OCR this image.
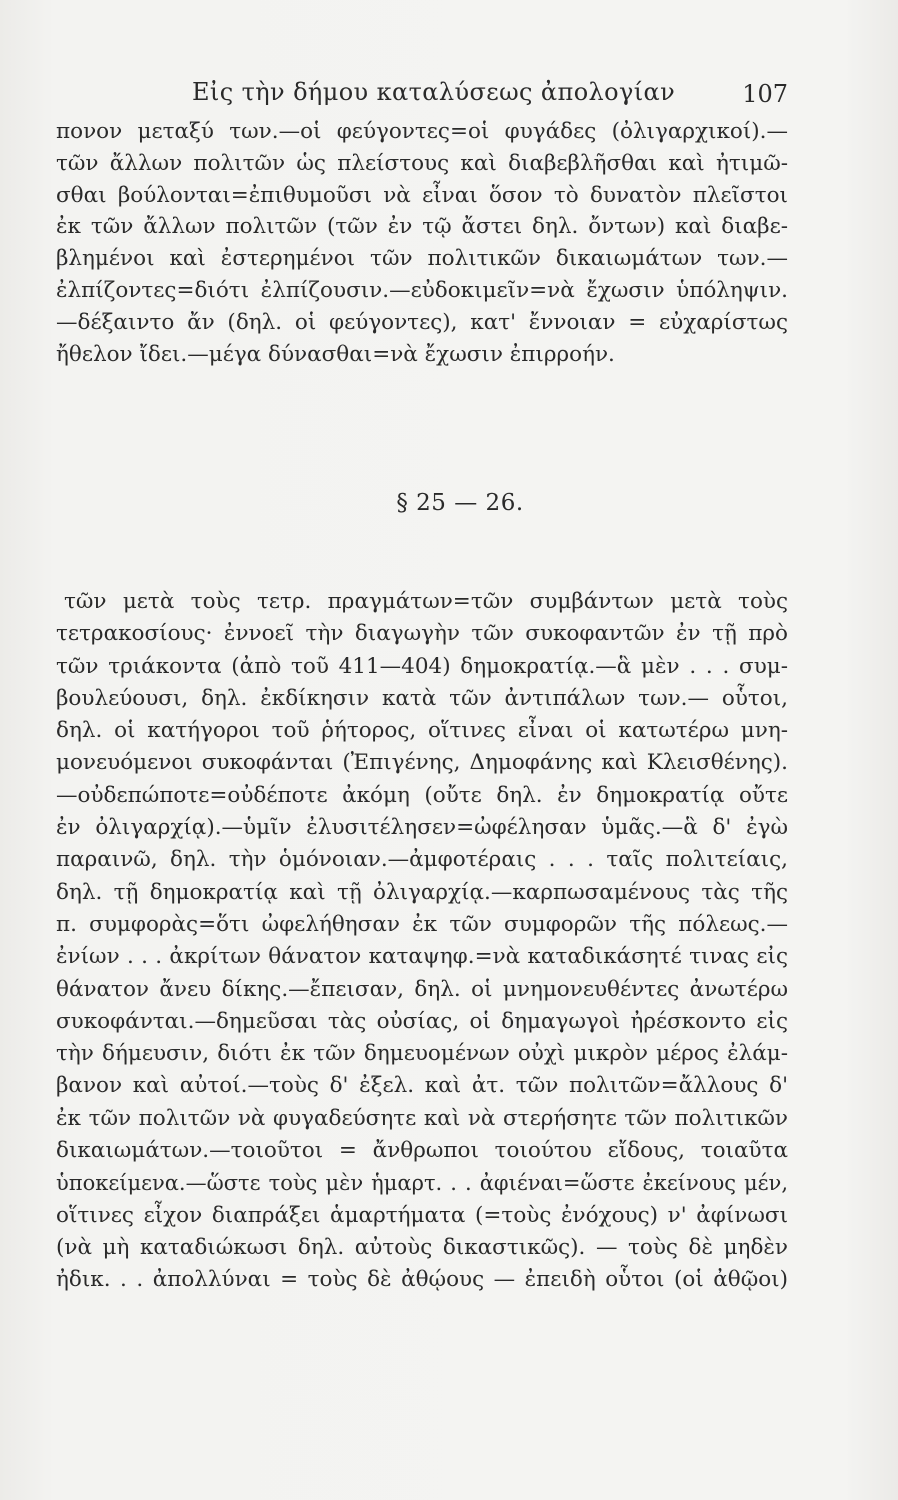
Εἰς τὴν δήμου καταλύσεως ἀπολογίαν	107
πονον μεταξύ των.—οἱ φεύγοντες=οἱ φυγάδες (ὀλιγαρχικοί).—
τῶν ἄλλων πολιτῶν ὡς πλείστους καὶ διαβεβλῆσθαι καὶ ἠτιμῶ-
σθαι βούλονται=ἐπιθυμοῦσι νὰ εἶναι ὅσον τὸ δυνατὸν πλεῖστοι
ἐκ τῶν ἄλλων πολιτῶν (τῶν ἐν τῷ ἄστει δηλ. ὄντων) καὶ διαβε-
βλημένοι καὶ ἐστερημένοι τῶν πολιτικῶν δικαιωμάτων των.—
ἐλπίζοντες=διότι ἐλπίζουσιν.—εὐδοκιμεῖν=νὰ ἔχωσιν ὑπόληψιν.
—δέξαιντο ἄν (δηλ. οἱ φεύγοντες), κατ' ἔννοιαν = εὐχαρίστως
ἤθελον ἴδει.—μέγα δύνασθαι=νὰ ἔχωσιν ἐπιρροήν.
§ 25 — 26.
τῶν μετὰ τοὺς τετρ. πραγμάτων=τῶν συμβάντων μετὰ τοὺς
τετρακοσίους· ἐννοεῖ τὴν διαγωγὴν τῶν συκοφαντῶν ἐν τῇ πρὸ
τῶν τριάκοντα (ἀπὸ τοῦ 411—404) δημοκρατίᾳ.—ἃ μὲν . . . συμ-
βουλεύουσι, δηλ. ἐκδίκησιν κατὰ τῶν ἀντιπάλων των.— οὗτοι,
δηλ. οἱ κατήγοροι τοῦ ῥήτορος, οἵτινες εἶναι οἱ κατωτέρω μνη-
μονευόμενοι συκοφάνται (Ἐπιγένης, Δημοφάνης καὶ Κλεισθένης).
—οὐδεπώποτε=οὐδέποτε ἀκόμη (οὔτε δηλ. ἐν δημοκρατίᾳ οὔτε
ἐν ὀλιγαρχίᾳ).—ὑμῖν ἐλυσιτέλησεν=ὠφέλησαν ὑμᾶς.—ἃ δ' ἐγὼ
παραινῶ, δηλ. τὴν ὁμόνοιαν.—ἀμφοτέραις . . . ταῖς πολιτείαις,
δηλ. τῇ δημοκρατίᾳ καὶ τῇ ὀλιγαρχίᾳ.—καρπωσαμένους τὰς τῆς
π. συμφορὰς=ὅτι ὠφελήθησαν ἐκ τῶν συμφορῶν τῆς πόλεως.—
ἐνίων . . . ἀκρίτων θάνατον καταψηφ.=νὰ καταδικάσητέ τινας εἰς
θάνατον ἄνευ δίκης.—ἔπεισαν, δηλ. οἱ μνημονευθέντες ἀνωτέρω
συκοφάνται.—δημεῦσαι τὰς οὐσίας, οἱ δημαγωγοὶ ἠρέσκοντο εἰς
τὴν δήμευσιν, διότι ἐκ τῶν δημευομένων οὐχὶ μικρὸν μέρος ἐλάμ-
βανον καὶ αὐτοί.—τοὺς δ' ἐξελ. καὶ ἀτ. τῶν πολιτῶν=ἄλλους δ'
ἐκ τῶν πολιτῶν νὰ φυγαδεύσητε καὶ νὰ στερήσητε τῶν πολιτικῶν
δικαιωμάτων.—τοιοῦτοι = ἄνθρωποι τοιούτου εἴδους, τοιαῦτα
ὑποκείμενα.—ὥστε τοὺς μὲν ἡμαρτ. . . ἀφιέναι=ὥστε ἐκείνους μέν,
οἵτινες εἶχον διαπράξει ἁμαρτήματα (=τοὺς ἐνόχους) ν' ἀφίνωσι
(νὰ μὴ καταδιώκωσι δηλ. αὐτοὺς δικαστικῶς). — τοὺς δὲ μηδὲν
ἠδικ. . . ἀπολλύναι = τοὺς δὲ ἀθῴους — ἐπειδὴ οὗτοι (οἱ ἀθῷοι)
